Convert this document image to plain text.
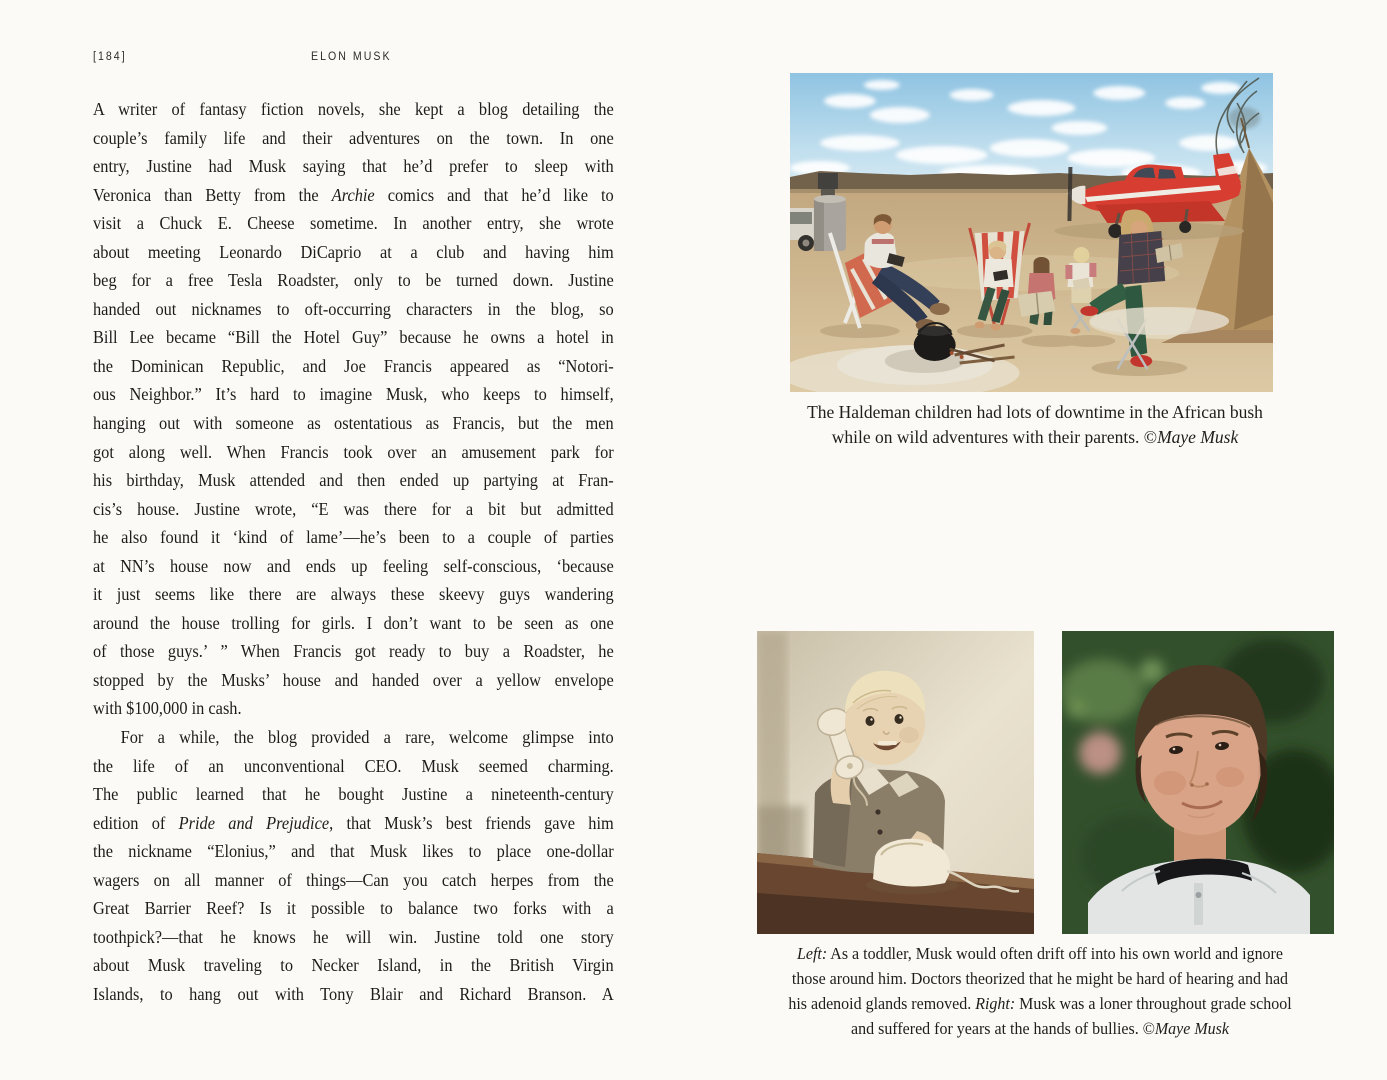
[184]	ELON MUSK
A writer of fantasy fiction novels, she kept a blog detailing the
couple’s family life and their adventures on the town. In one
entry, Justine had Musk saying that he’d prefer to sleep with
Veronica than Betty from the Archie comics and that he’d like to
visit a Chuck E. Cheese sometime. In another entry, she wrote
about meeting Leonardo DiCaprio at a club and having him
beg for a free Tesla Roadster, only to be turned down. Justine
handed out nicknames to oft-occurring characters in the blog, so
Bill Lee became “Bill the Hotel Guy” because he owns a hotel in
the Dominican Republic, and Joe Francis appeared as “Notori-
ous Neighbor.” It’s hard to imagine Musk, who keeps to himself,
hanging out with someone as ostentatious as Francis, but the men
got along well. When Francis took over an amusement park for
his birthday, Musk attended and then ended up partying at Fran-
cis’s house. Justine wrote, “E was there for a bit but admitted
he also found it ‘kind of lame’—he’s been to a couple of parties
at NN’s house now and ends up feeling self-conscious, ‘because
it just seems like there are always these skeevy guys wandering
around the house trolling for girls. I don’t want to be seen as one
of those guys.’ ” When Francis got ready to buy a Roadster, he
stopped by the Musks’ house and handed over a yellow envelope
with $100,000 in cash.
For a while, the blog provided a rare, welcome glimpse into
the life of an unconventional CEO. Musk seemed charming.
The public learned that he bought Justine a nineteenth-century
edition of Pride and Prejudice, that Musk’s best friends gave him
the nickname “Elonius,” and that Musk likes to place one-dollar
wagers on all manner of things—Can you catch herpes from the
Great Barrier Reef? Is it possible to balance two forks with a
toothpick?—that he knows he will win. Justine told one story
about Musk traveling to Necker Island, in the British Virgin
Islands, to hang out with Tony Blair and Richard Branson. A
The Haldeman children had lots of downtime in the African bush
while on wild adventures with their parents. ©Maye Musk
Left: As a toddler, Musk would often drift off into his own world and ignore
those around him. Doctors theorized that he might be hard of hearing and had
his adenoid glands removed. Right: Musk was a loner throughout grade school
and suffered for years at the hands of bullies. ©Maye Musk
